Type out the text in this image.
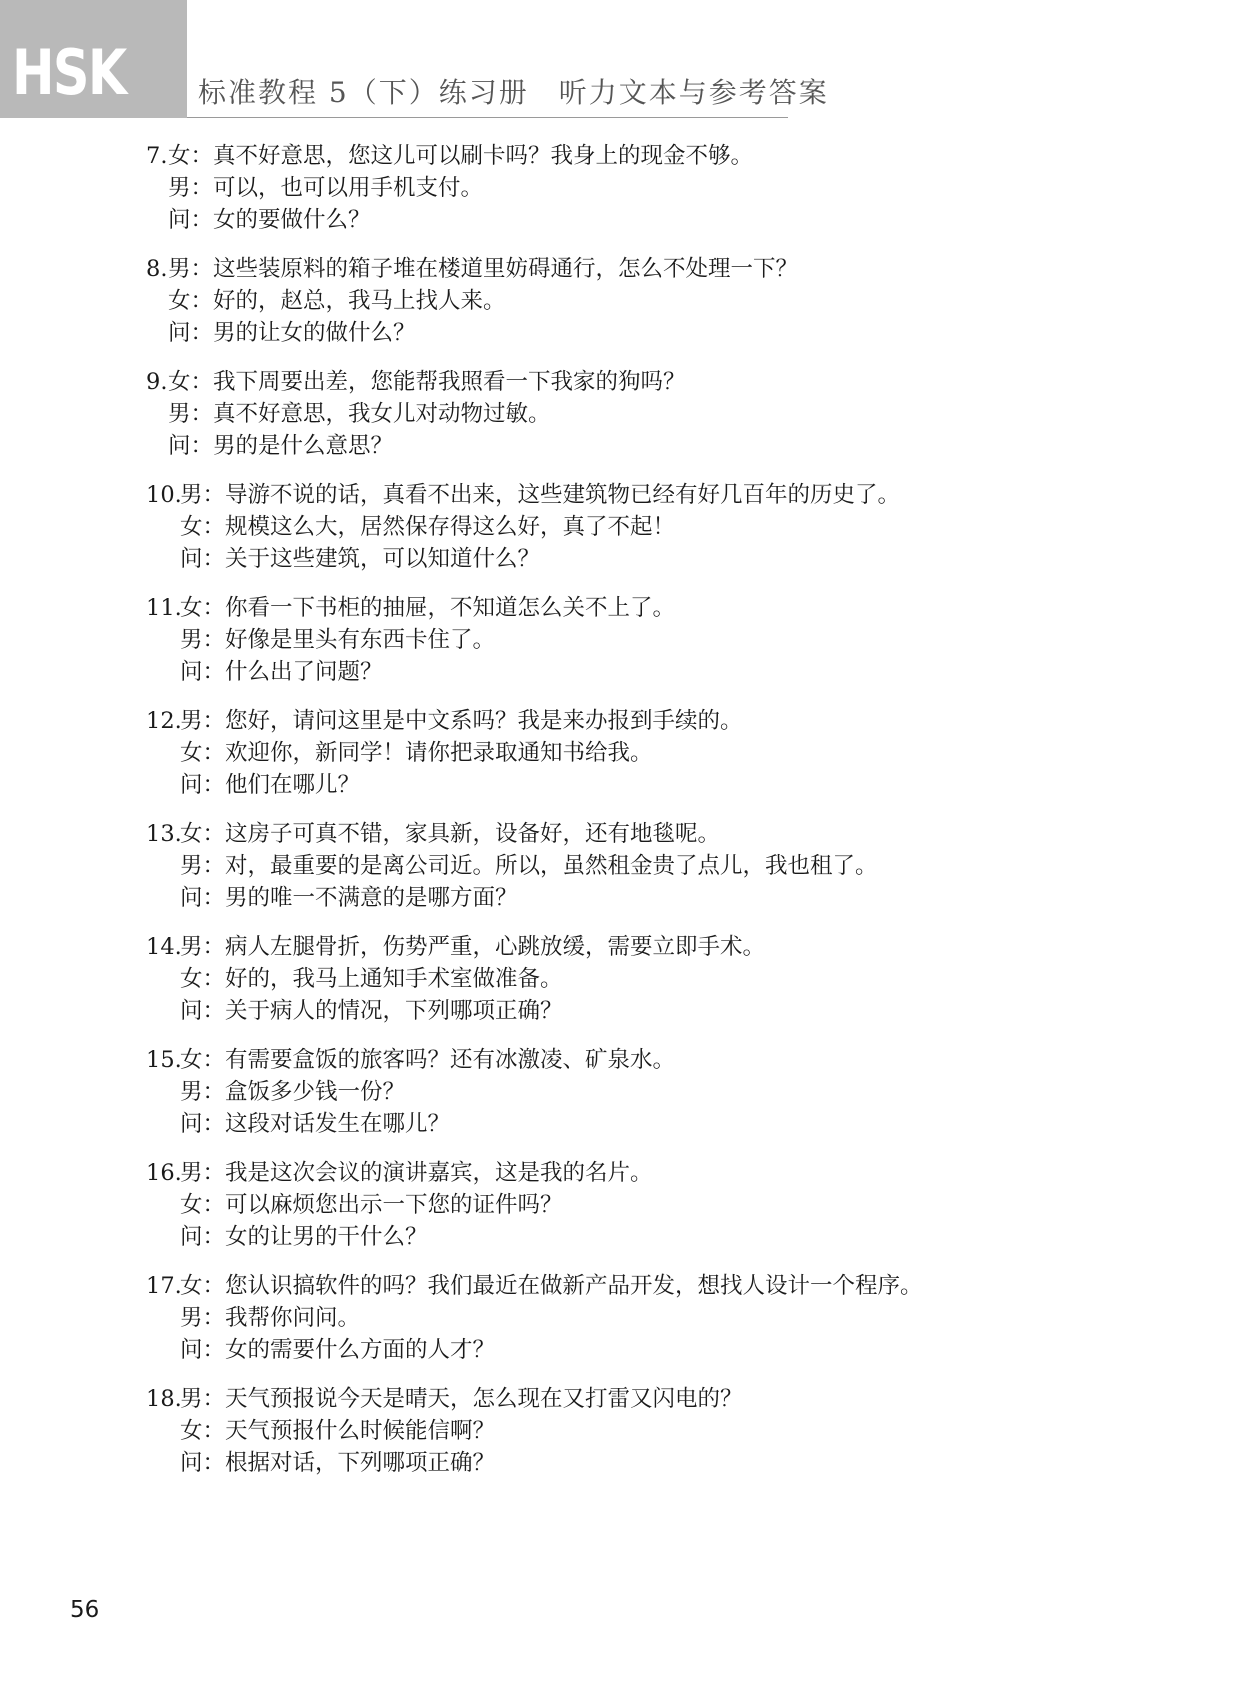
HSK	标准教程 5（下）练习册　听力文本与参考答案
7.女：真不好意思，您这儿可以刷卡吗？我身上的现金不够。
男：可以，也可以用手机支付。
问：女的要做什么？
8.男：这些装原料的箱子堆在楼道里妨碍通行，怎么不处理一下？
女：好的，赵总，我马上找人来。
问：男的让女的做什么？
9.女：我下周要出差，您能帮我照看一下我家的狗吗？
男：真不好意思，我女儿对动物过敏。
问：男的是什么意思？
10.男：导游不说的话，真看不出来，这些建筑物已经有好几百年的历史了。
女：规模这么大，居然保存得这么好，真了不起！
问：关于这些建筑，可以知道什么？
11.女：你看一下书柜的抽屉，不知道怎么关不上了。
男：好像是里头有东西卡住了。
问：什么出了问题？
12.男：您好，请问这里是中文系吗？我是来办报到手续的。
女：欢迎你，新同学！请你把录取通知书给我。
问：他们在哪儿？
13.女：这房子可真不错，家具新，设备好，还有地毯呢。
男：对，最重要的是离公司近。所以，虽然租金贵了点儿，我也租了。
问：男的唯一不满意的是哪方面？
14.男：病人左腿骨折，伤势严重，心跳放缓，需要立即手术。
女：好的，我马上通知手术室做准备。
问：关于病人的情况，下列哪项正确？
15.女：有需要盒饭的旅客吗？还有冰激凌、矿泉水。
男：盒饭多少钱一份？
问：这段对话发生在哪儿？
16.男：我是这次会议的演讲嘉宾，这是我的名片。
女：可以麻烦您出示一下您的证件吗？
问：女的让男的干什么？
17.女：您认识搞软件的吗？我们最近在做新产品开发，想找人设计一个程序。
男：我帮你问问。
问：女的需要什么方面的人才？
18.男：天气预报说今天是晴天，怎么现在又打雷又闪电的？
女：天气预报什么时候能信啊？
问：根据对话，下列哪项正确？
56
